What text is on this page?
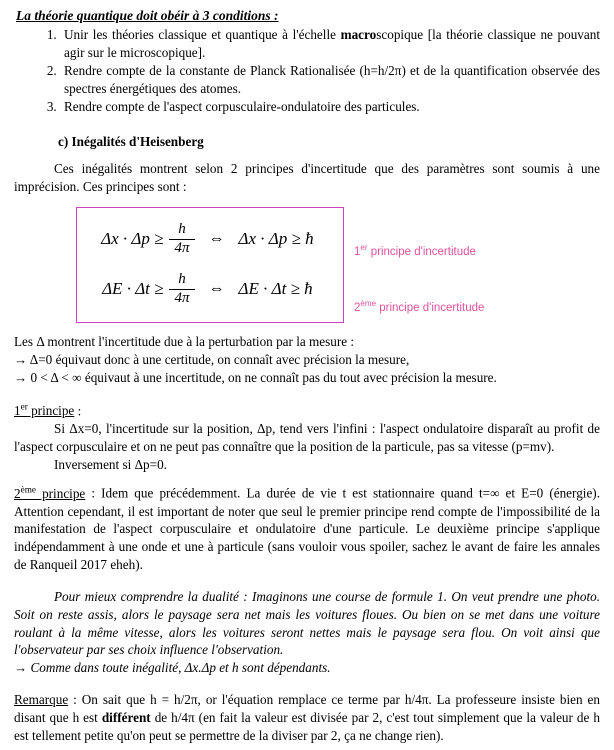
La théorie quantique doit obéir à 3 conditions :
1. Unir les théories classique et quantique à l'échelle macroscopique [la théorie classique ne pouvant agir sur le microscopique].
2. Rendre compte de la constante de Planck Rationalisée (h=h/2π) et de la quantification observée des spectres énergétiques des atomes.
3. Rendre compte de l'aspect corpusculaire-ondulatoire des particules.
c) Inégalités d'Heisenberg

Ces inégalités montrent selon 2 principes d'incertitude que des paramètres sont soumis à une imprécision. Ces principes sont :

$\Delta x \cdot \Delta p \ge \frac{h}{4\pi}$ ⇔ Δx · Δp ≥ ħ
$\Delta E \cdot \Delta t \ge \frac{h}{4\pi}$ ⇔ ΔE · Δt ≥ ħ
1er principe d'incertitude
2ème principe d'incertitude

Les Δ montrent l'incertitude due à la perturbation par la mesure :

→ Δ=0 équivaut donc à une certitude, on connaît avec précision la mesure,

→ 0 < Δ < ∞ équivaut à une incertitude, on ne connaît pas du tout avec précision la mesure.

1er principe :

Si Δx=0, l'incertitude sur la position, Δp, tend vers l'infini : l'aspect ondulatoire disparaît au profit de l'aspect corpusculaire et on ne peut pas connaître que la position de la particule, pas sa vitesse (p=mv).

Inversement si Δp=0.

2ème principe : Idem que précédemment. La durée de vie t est stationnaire quand t=∞ et E=0 (énergie). Attention cependant, il est important de noter que seul le premier principe rend compte de l'impossibilité de la manifestation de l'aspect corpusculaire et ondulatoire d'une particule. Le deuxième principe s'applique indépendamment à une onde et une à particule (sans vouloir vous spoiler, sachez le avant de faire les annales de Ranqueil 2017 eheh).

Pour mieux comprendre la dualité : Imaginons une course de formule 1. On veut prendre une photo. Soit on reste assis, alors le paysage sera net mais les voitures floues. Ou bien on se met dans une voiture roulant à la même vitesse, alors les voitures seront nettes mais le paysage sera flou. On voit ainsi que l'observateur par ses choix influence l'observation.

→ Comme dans toute inégalité, Δx.Δp et h sont dépendants.

Remarque : On sait que h = h/2π, or l'équation remplace ce terme par h/4π. La professeure insiste bien en disant que h est différent de h/4π (en fait la valeur est divisée par 2, c'est tout simplement que la valeur de h est tellement petite qu'on peut se permettre de la diviser par 2, ça ne change rien).
